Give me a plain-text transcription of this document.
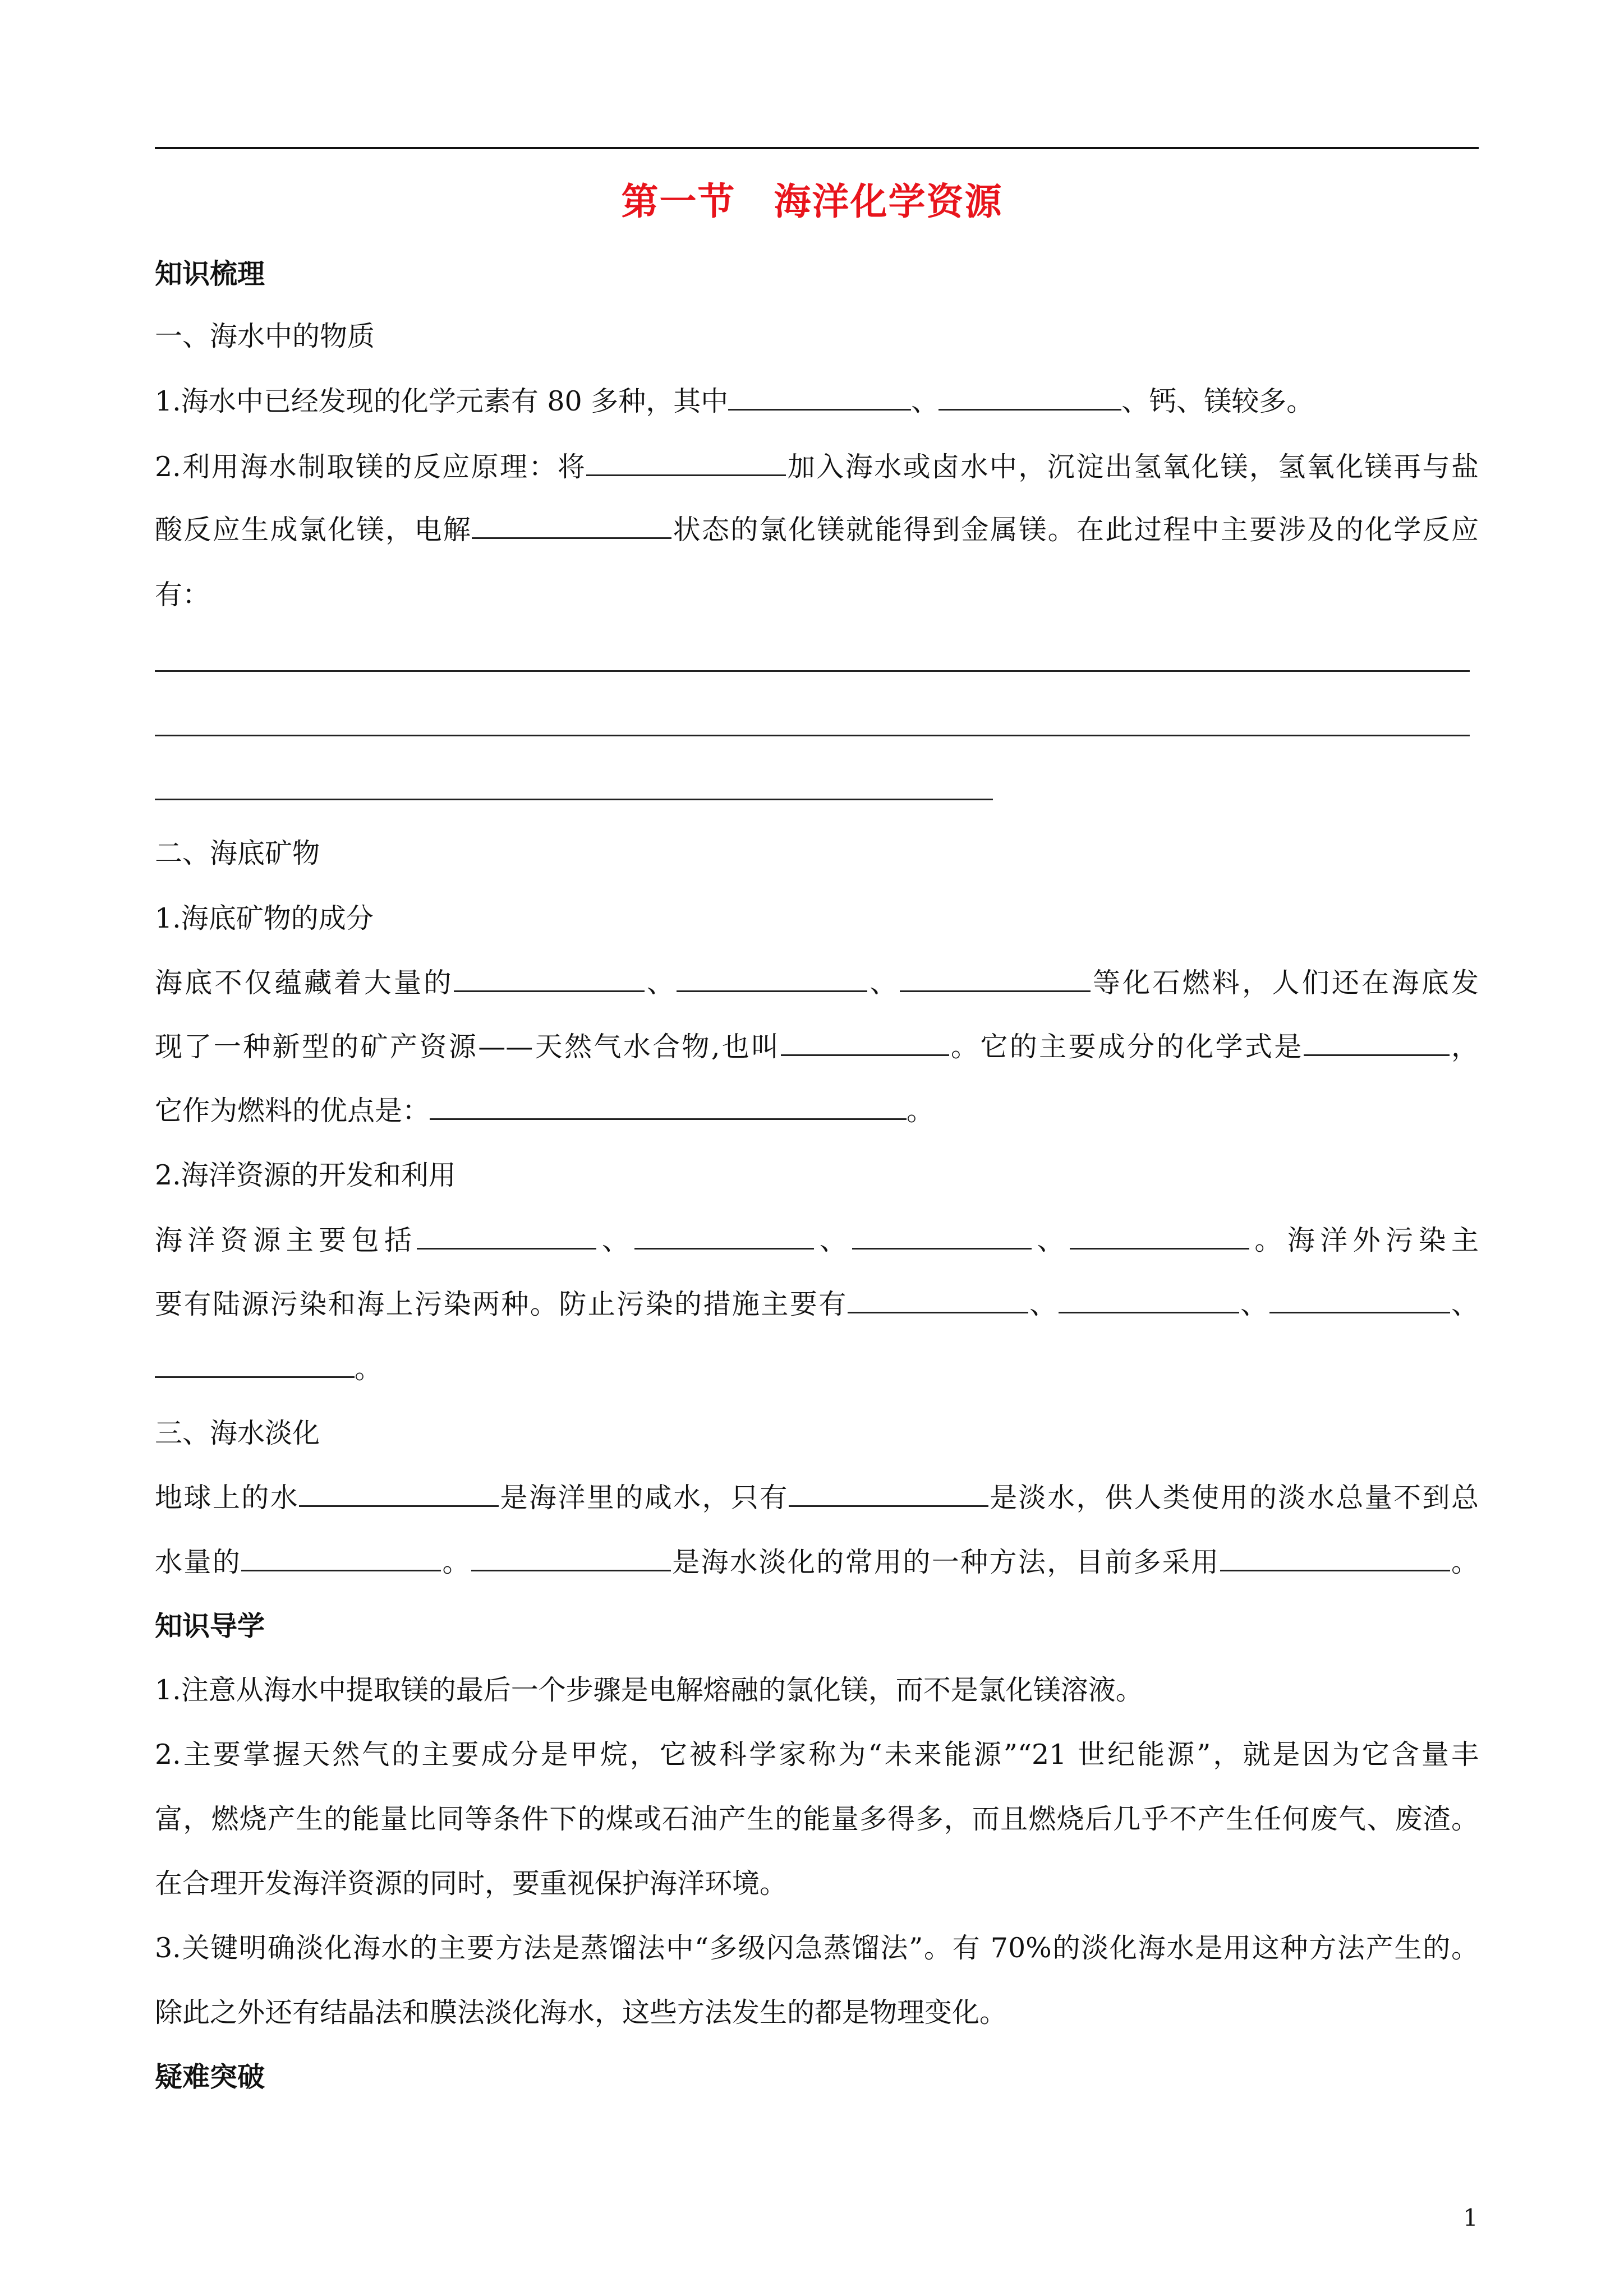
第一节　海洋化学资源
知识梳理
一、海水中的物质
1.海水中已经发现的化学元素有 80 多种，其中	、	、钙、镁较多。
2.利用海水制取镁的反应原理：将	加入海水或卤水中，沉淀出氢氧化镁，氢氧化镁再与盐
酸反应生成氯化镁，电解	状态的氯化镁就能得到金属镁。在此过程中主要涉及的化学反应
有：
二、海底矿物
1.海底矿物的成分
海底不仅蕴藏着大量的	、	、	等化石燃料，人们还在海底发
现了一种新型的矿产资源——天然气水合物,也叫	。它的主要成分的化学式是	，
它作为燃料的优点是：	。
2.海洋资源的开发和利用
海洋资源主要包括	、	、	、	。海洋外污染主
要有陆源污染和海上污染两种。防止污染的措施主要有	、	、	、
。
三、海水淡化
地球上的水	是海洋里的咸水，只有	是淡水，供人类使用的淡水总量不到总
水量的	。	是海水淡化的常用的一种方法，目前多采用	。
知识导学
1.注意从海水中提取镁的最后一个步骤是电解熔融的氯化镁，而不是氯化镁溶液。
2.主要掌握天然气的主要成分是甲烷，它被科学家称为“未来能源”“21 世纪能源”，就是因为它含量丰
富，燃烧产生的能量比同等条件下的煤或石油产生的能量多得多，而且燃烧后几乎不产生任何废气、废渣。
在合理开发海洋资源的同时，要重视保护海洋环境。
3.关键明确淡化海水的主要方法是蒸馏法中“多级闪急蒸馏法”。有 70%的淡化海水是用这种方法产生的。
除此之外还有结晶法和膜法淡化海水，这些方法发生的都是物理变化。
疑难突破
1
